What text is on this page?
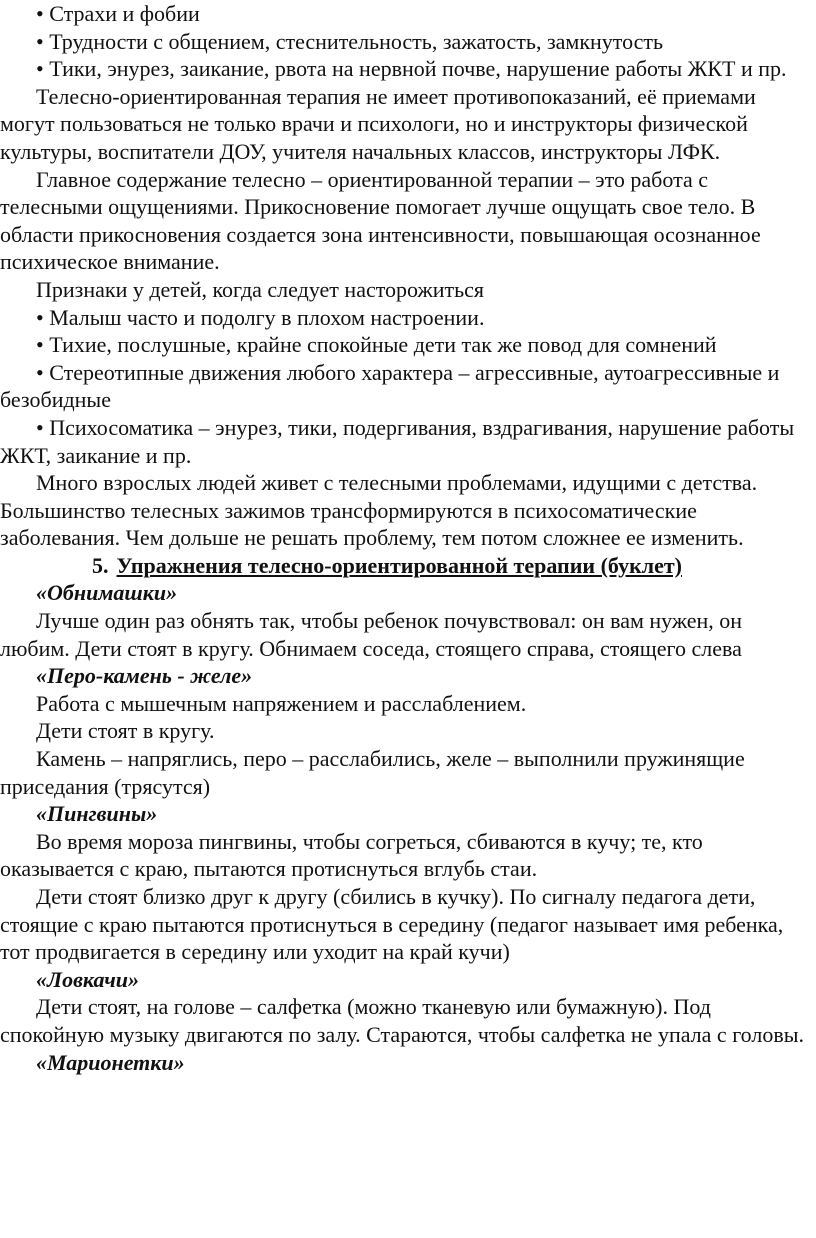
• Страхи и фобии

• Трудности с общением, стеснительность, зажатость, замкнутость

• Тики, энурез, заикание, рвота на нервной почве, нарушение работы ЖКТ и пр.

Телесно-ориентированная терапия не имеет противопоказаний, её приемами могут пользоваться не только врачи и психологи, но и инструкторы физической культуры, воспитатели ДОУ, учителя начальных классов, инструкторы ЛФК.

Главное содержание телесно – ориентированной терапии – это работа с телесными ощущениями. Прикосновение помогает лучше ощущать свое тело. В области прикосновения создается зона интенсивности, повышающая осознанное психическое внимание.

Признаки у детей, когда следует насторожиться

• Малыш часто и подолгу в плохом настроении.

• Тихие, послушные, крайне спокойные дети так же повод для сомнений

• Стереотипные движения любого характера – агрессивные, аутоагрессивные и безобидные

• Психосоматика – энурез, тики, подергивания, вздрагивания, нарушение работы ЖКТ, заикание и пр.

Много взрослых людей живет с телесными проблемами, идущими с детства. Большинство телесных зажимов трансформируются в психосоматические заболевания. Чем дольше не решать проблему, тем потом сложнее ее изменить.

5. Упражнения телесно-ориентированной терапии (буклет)

«Обнимашки»

Лучше один раз обнять так, чтобы ребенок почувствовал: он вам нужен, он любим. Дети стоят в кругу. Обнимаем соседа, стоящего справа, стоящего слева

«Перо-камень - желе»

Работа с мышечным напряжением и расслаблением.

Дети стоят в кругу.

Камень – напряглись, перо – расслабились, желе – выполнили пружинящие приседания (трясутся)

«Пингвины»

Во время мороза пингвины, чтобы согреться, сбиваются в кучу; те, кто оказывается с краю, пытаются протиснуться вглубь стаи.

Дети стоят близко друг к другу (сбились в кучку). По сигналу педагога дети, стоящие с краю пытаются протиснуться в середину (педагог называет имя ребенка, тот продвигается в середину или уходит на край кучи)

«Ловкачи»

Дети стоят, на голове – салфетка (можно тканевую или бумажную). Под спокойную музыку двигаются по залу. Стараются, чтобы салфетка не упала с головы.

«Марионетки»
